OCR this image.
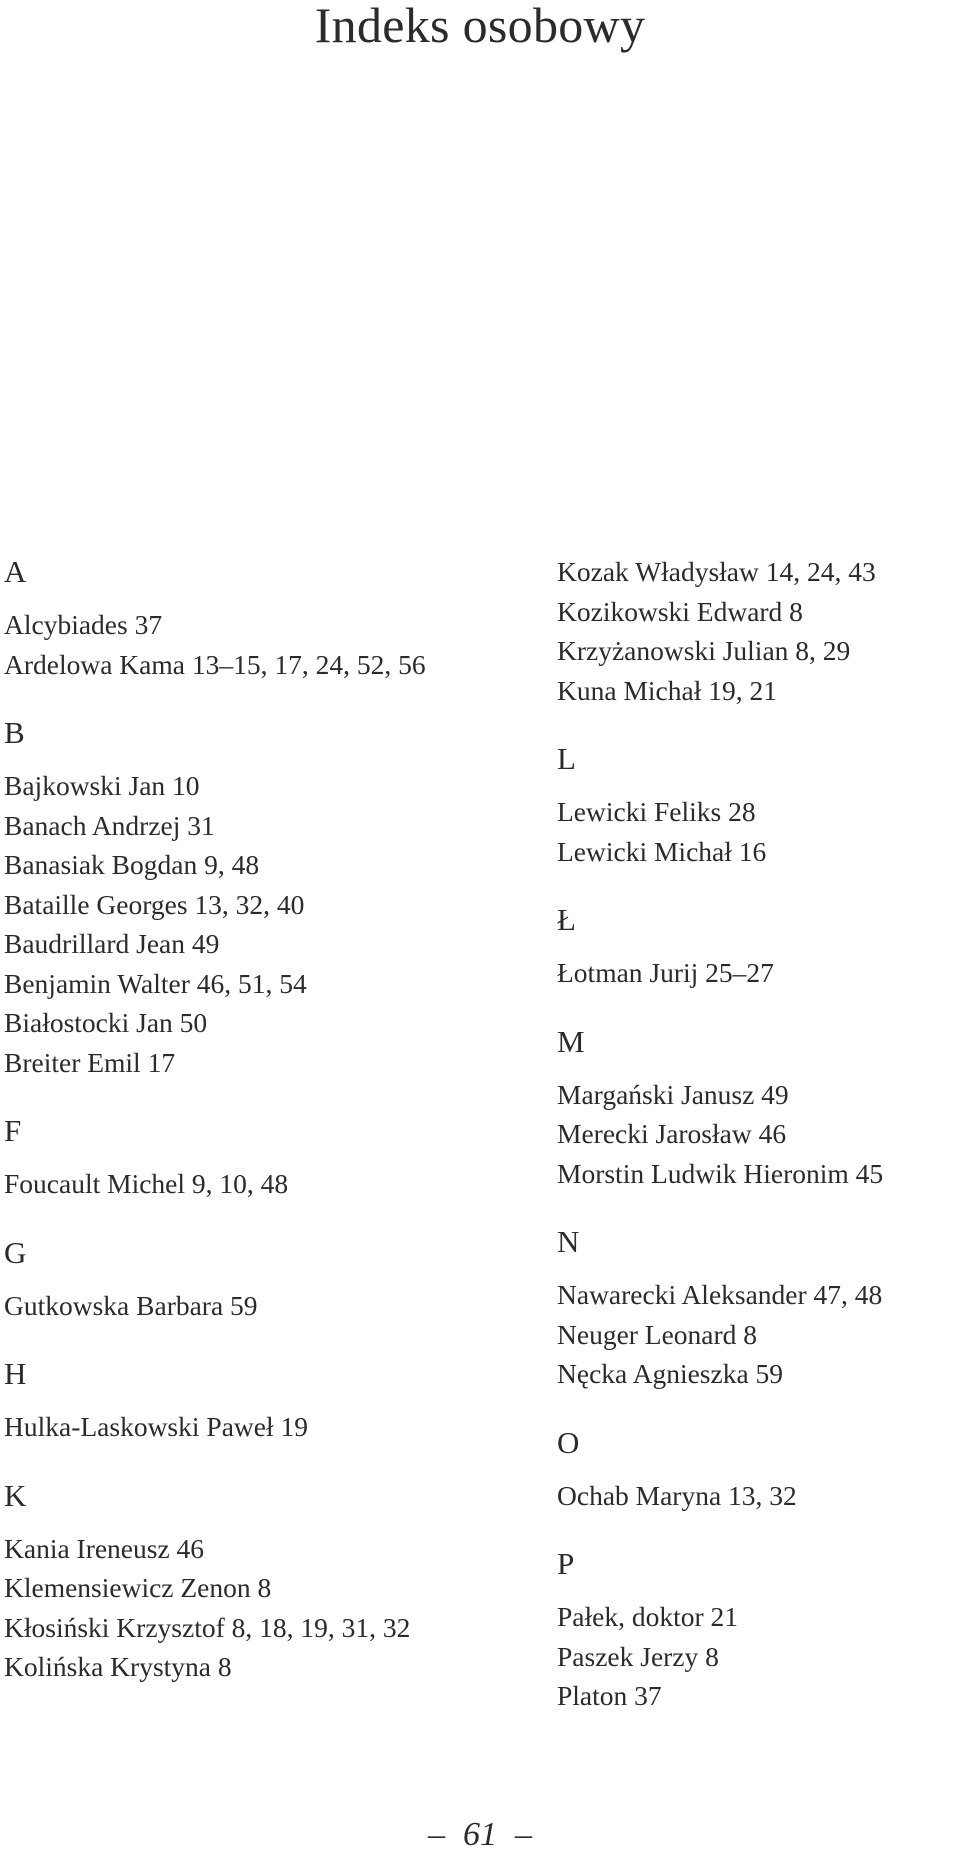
Indeks osobowy
A
Alcybiades 37
Ardelowa Kama 13–15, 17, 24, 52, 56
B
Bajkowski Jan 10
Banach Andrzej 31
Banasiak Bogdan 9, 48
Bataille Georges 13, 32, 40
Baudrillard Jean 49
Benjamin Walter 46, 51, 54
Białostocki Jan 50
Breiter Emil 17
F
Foucault Michel 9, 10, 48
G
Gutkowska Barbara 59
H
Hulka-Laskowski Paweł 19
K
Kania Ireneusz 46
Klemensiewicz Zenon 8
Kłosiński Krzysztof 8, 18, 19, 31, 32
Kolińska Krystyna 8
Kozak Władysław 14, 24, 43
Kozikowski Edward 8
Krzyżanowski Julian 8, 29
Kuna Michał 19, 21
L
Lewicki Feliks 28
Lewicki Michał 16
Ł
Łotman Jurij 25–27
M
Margański Janusz 49
Merecki Jarosław 46
Morstin Ludwik Hieronim 45
N
Nawarecki Aleksander 47, 48
Neuger Leonard 8
Nęcka Agnieszka 59
O
Ochab Maryna 13, 32
P
Pałek, doktor 21
Paszek Jerzy 8
Platon 37
– 61 –
